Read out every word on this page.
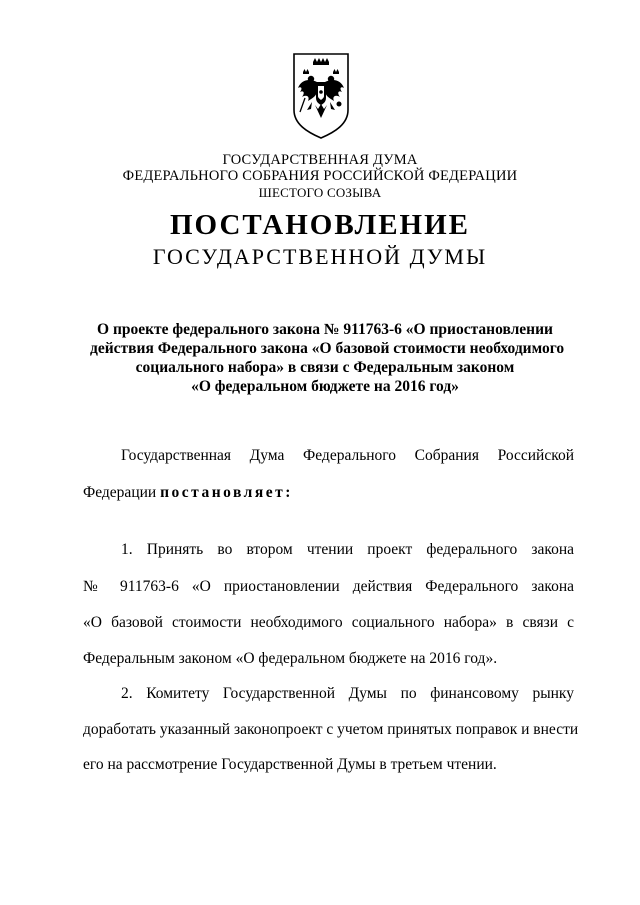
ГОСУДАРСТВЕННАЯ ДУМА
ФЕДЕРАЛЬНОГО СОБРАНИЯ РОССИЙСКОЙ ФЕДЕРАЦИИ
ШЕСТОГО СОЗЫВА
ПОСТАНОВЛЕНИЕ
ГОСУДАРСТВЕННОЙ ДУМЫ
О проекте федерального закона № 911763-6 «О приостановлении
действия Федерального закона «О базовой стоимости необходимого
социального набора» в связи с Федеральным законом
«О федеральном бюджете на 2016 год»
Государственная Дума Федерального Собрания Российской
Федерации постановляет:
1. Принять во втором чтении проект федерального закона
№ 911763-6 «О приостановлении действия Федерального закона
«О базовой стоимости необходимого социального набора» в связи с
Федеральным законом «О федеральном бюджете на 2016 год».
2. Комитету Государственной Думы по финансовому рынку
доработать указанный законопроект с учетом принятых поправок и внести
его на рассмотрение Государственной Думы в третьем чтении.
